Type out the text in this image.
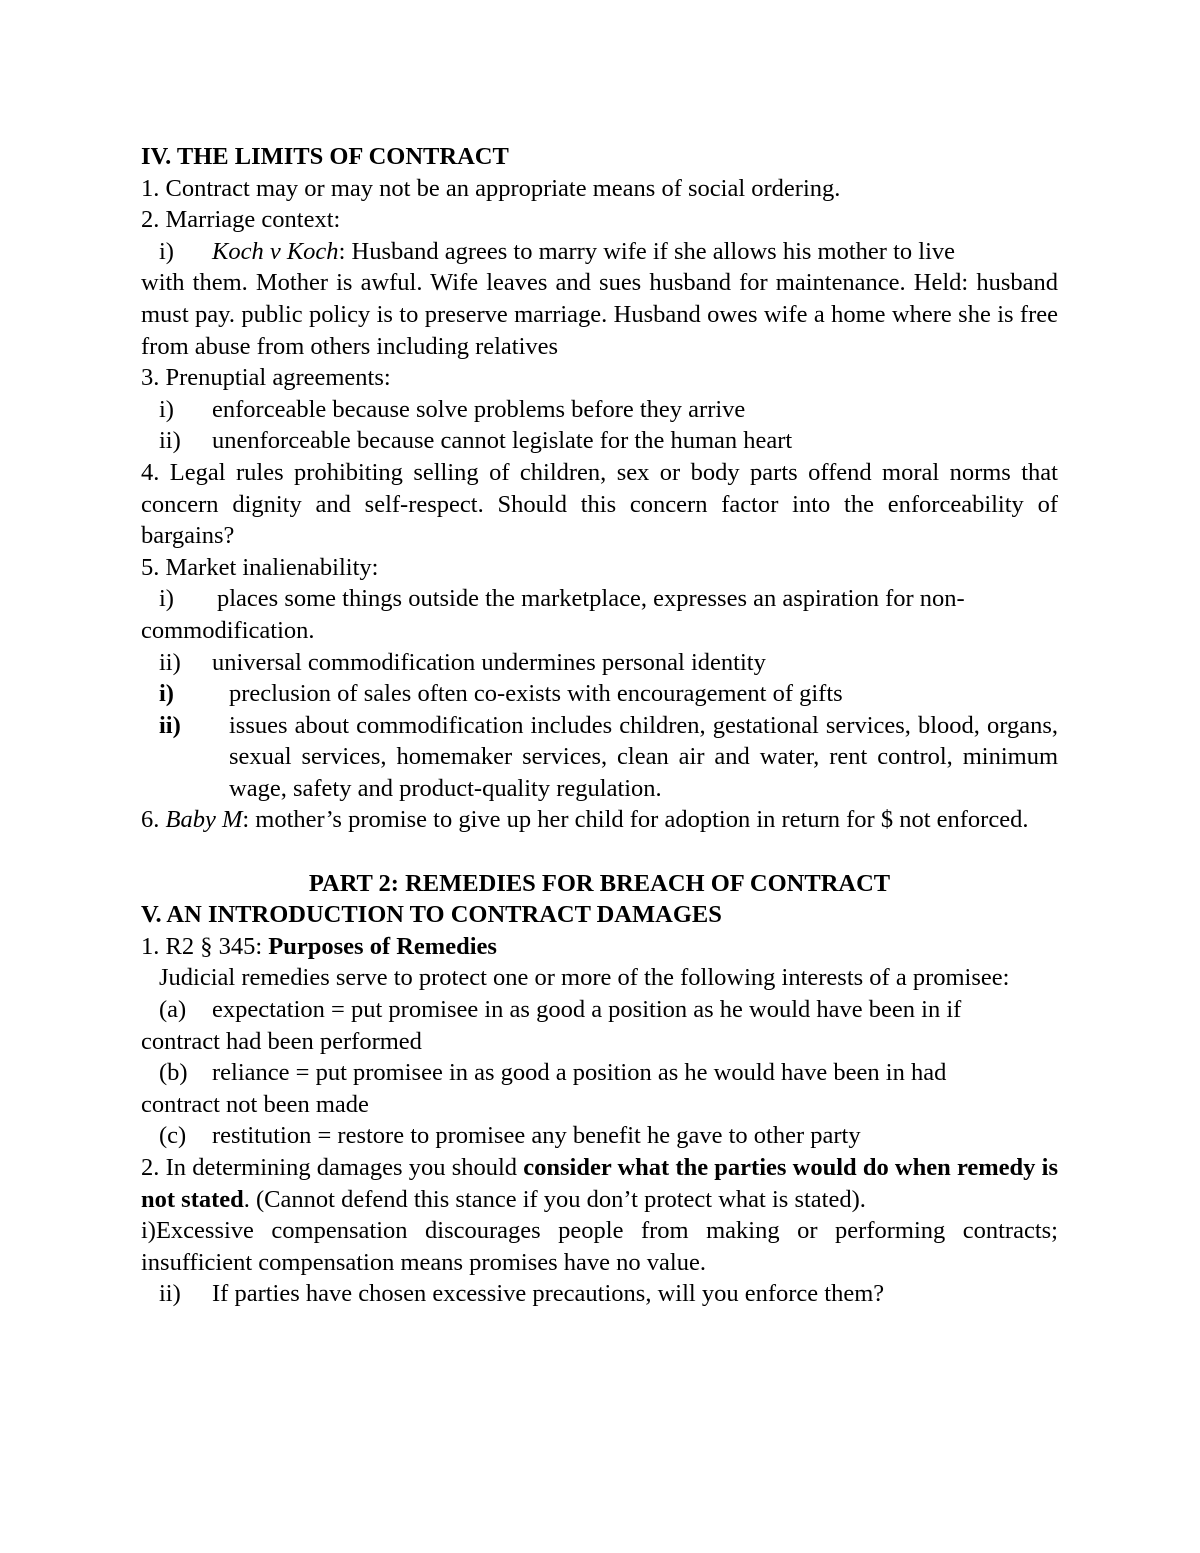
IV. THE LIMITS OF CONTRACT

1. Contract may or may not be an appropriate means of social ordering.

2. Marriage context:

i)	Koch v Koch: Husband agrees to marry wife if she allows his mother to live

with them. Mother is awful. Wife leaves and sues husband for maintenance. Held: husband must pay. public policy is to preserve marriage. Husband owes wife a home where she is free from abuse from others including relatives

3. Prenuptial agreements:

i)	enforceable because solve problems before they arrive
ii)	unenforceable because cannot legislate for the human heart

4. Legal rules prohibiting selling of children, sex or body parts offend moral norms that concern dignity and self-respect. Should this concern factor into the enforceability of bargains?

5. Market inalienability:

i)	places some things outside the marketplace, expresses an aspiration for non-

commodification.

ii)	universal commodification undermines personal identity
i)	preclusion of sales often co-exists with encouragement of gifts
ii)	issues about commodification includes children, gestational services, blood, organs, sexual services, homemaker services, clean air and water, rent control, minimum wage, safety and product-quality regulation.

6. Baby M: mother’s promise to give up her child for adoption in return for $ not enforced.

PART 2: REMEDIES FOR BREACH OF CONTRACT

V. AN INTRODUCTION TO CONTRACT DAMAGES

1. R2 § 345: Purposes of Remedies

Judicial remedies serve to protect one or more of the following interests of a promisee:

(a)	expectation = put promisee in as good a position as he would have been in if

contract had been performed

(b) reliance = put promisee in as good a position as he would have been in had

contract not been made

(c)	restitution = restore to promisee any benefit he gave to other party

2. In determining damages you should consider what the parties would do when remedy is not stated. (Cannot defend this stance if you don’t protect what is stated).

i)Excessive compensation discourages people from making or performing contracts; insufficient compensation means promises have no value.

ii)	If parties have chosen excessive precautions, will you enforce them?
